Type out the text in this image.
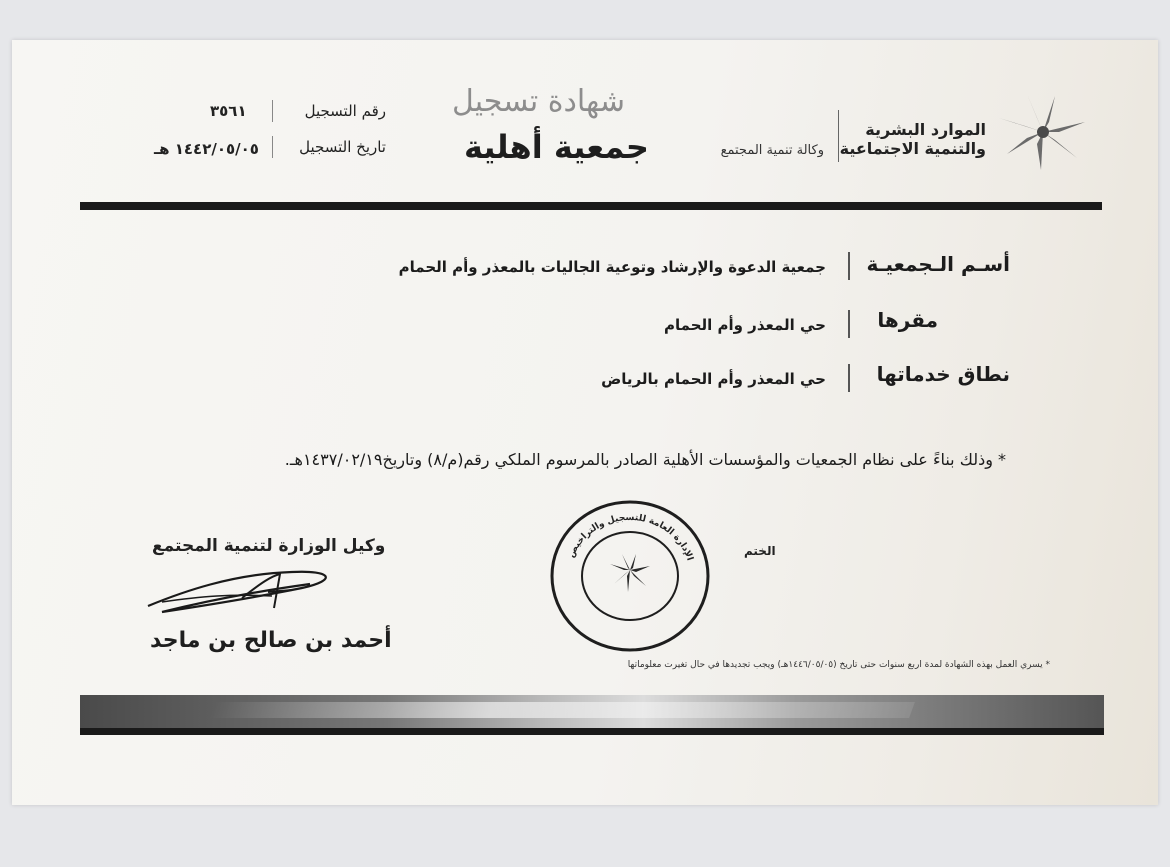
الموارد البشرية
والتنمية الاجتماعية
وكالة تنمية المجتمع
شهادة تسجيل
جمعية أهلية
رقم التسجيل
٣٥٦١
تاريخ التسجيل
١٤٤٢/٠٥/٠٥ هـ
أسـم الـجمعيـة
جمعية الدعوة والإرشاد وتوعية الجاليات بالمعذر وأم الحمام
مقرها
حي المعذر وأم الحمام
نطاق خدماتها
حي المعذر وأم الحمام بالرياض
* وذلك بناءً على نظام الجمعيات والمؤسسات الأهلية الصادر بالمرسوم الملكي رقم(م/٨) وتاريخ١٤٣٧/٠٢/١٩هـ.
وكيل الوزارة لتنمية المجتمع
أحمد بن صالح بن ماجد
الختم
الإدارة العامة للتسجيل والتراخيص
* يسري العمل بهذه الشهادة لمدة اربع سنوات حتى تاريخ (١٤٤٦/٠٥/٠٥هـ) ويجب تجديدها في حال تغيرت معلوماتها
